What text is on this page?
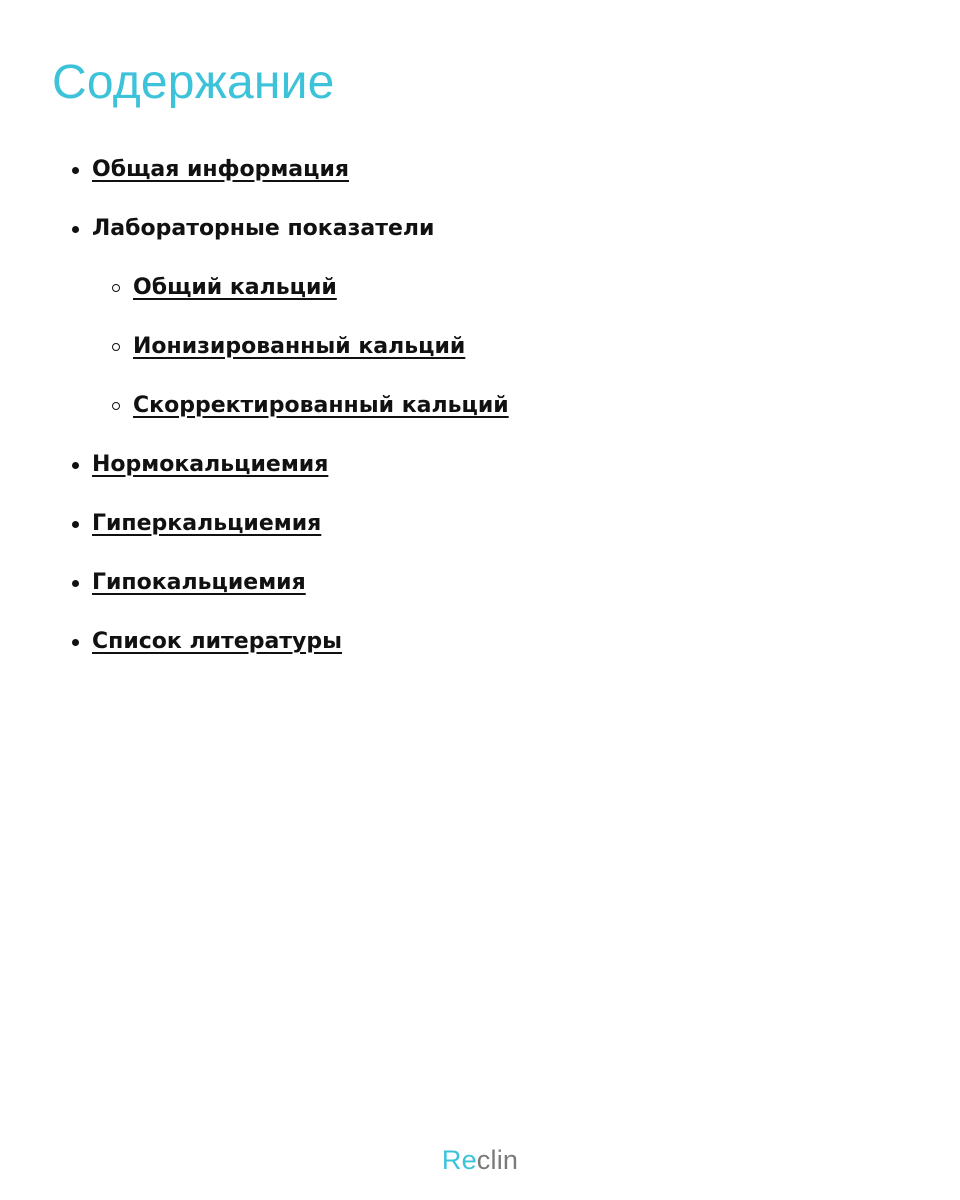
Содержание
Общая информация
Лабораторные показатели
Общий кальций
Ионизированный кальций
Скорректированный кальций
Нормокальциемия
Гиперкальциемия
Гипокальциемия
Список литературы
Reclin
